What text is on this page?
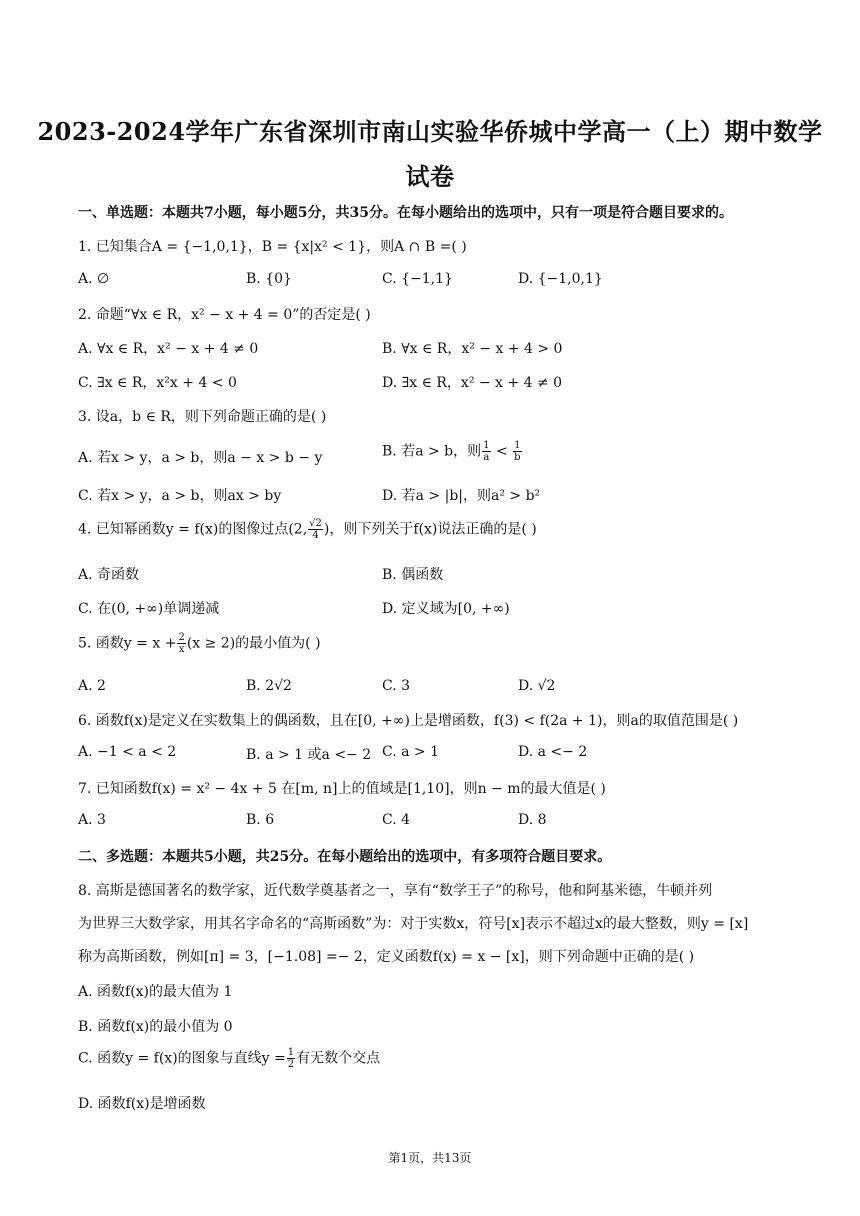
2023-2024学年广东省深圳市南山实验华侨城中学高一（上）期中数学
试卷
一、单选题：本题共7小题，每小题5分，共35分。在每小题给出的选项中，只有一项是符合题目要求的。
1. 已知集合A = {−1,0,1}，B = {x|x² < 1}，则A ∩ B =( )
A. ∅	B. {0}	C. {−1,1}	D. {−1,0,1}
2. 命题“∀x ∈ R，x² − x + 4 = 0”的否定是( )
A. ∀x ∈ R，x² − x + 4 ≠ 0	B. ∀x ∈ R，x² − x + 4 > 0
C. ∃x ∈ R，x²x + 4 < 0	D. ∃x ∈ R，x² − x + 4 ≠ 0
3. 设a，b ∈ R，则下列命题正确的是( )
A. 若x > y，a > b，则a − x > b − y	B. 若a > b，则 $\frac{1}{a} < \frac{1}{b}$
C. 若x > y，a > b，则ax > by	D. 若a > |b|，则a² > b²
4. 已知幂函数y = f(x)的图像过点(2, $\frac{√2}{4}$ )，则下列关于f(x)说法正确的是( )
A. 奇函数	B. 偶函数
C. 在(0, +∞)单调递减	D. 定义域为[0, +∞)
5. 函数$y = x + \frac{2}{x} (x \ge 2)$的最小值为( )
A. 2	B. 2√2	C. 3	D. √2
6. 函数f(x)是定义在实数集上的偶函数，且在[0, +∞)上是增函数，f(3) < f(2a + 1)，则a的取值范围是( )
A. −1 < a < 2	B. a > 1 或a <− 2 C. a > 1	D. a <− 2
7. 已知函数f(x) = x² − 4x + 5 在[m, n]上的值域是[1,10]，则n − m的最大值是( )
A. 3	B. 6	C. 4	D. 8
二、多选题：本题共5小题，共25分。在每小题给出的选项中，有多项符合题目要求。
8. 高斯是德国著名的数学家，近代数学奠基者之一，享有“数学王子”的称号，他和阿基米德，牛顿并列
为世界三大数学家，用其名字命名的“高斯函数”为：对于实数x，符号[x]表示不超过x的最大整数，则y = [x]
称为高斯函数，例如[π] = 3，[−1.08] =− 2，定义函数f(x) = x − [x]，则下列命题中正确的是( )
A. 函数f(x)的最大值为 1
B. 函数f(x)的最小值为 0
C. 函数y = f(x)的图象与直线$y = \frac{1}{2}$ 有无数个交点
D. 函数f(x)是增函数
第1页，共13页
